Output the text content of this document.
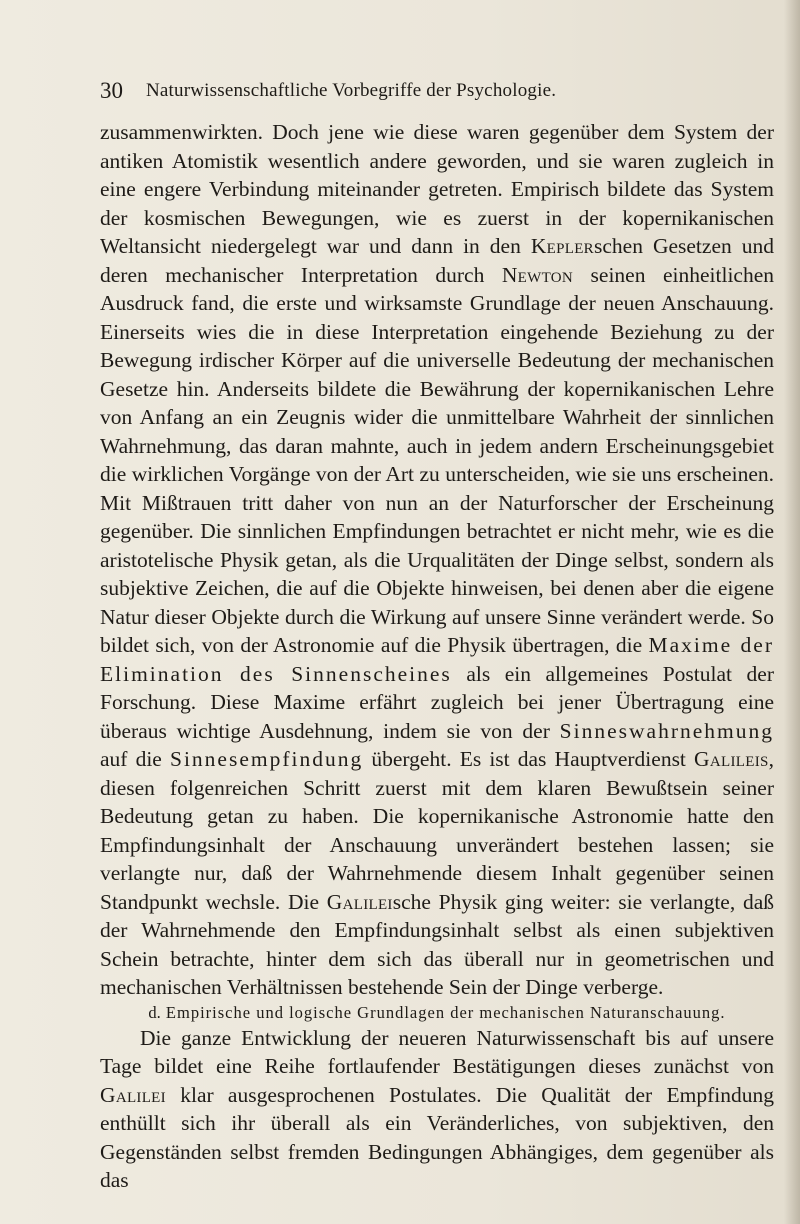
30 Naturwissenschaftliche Vorbegriffe der Psychologie.

zusammenwirkten. Doch jene wie diese waren gegenüber dem System der antiken Atomistik wesentlich andere geworden, und sie waren zugleich in eine engere Verbindung miteinander getreten. Empirisch bildete das System der kosmischen Bewegungen, wie es zuerst in der kopernikanischen Weltansicht niedergelegt war und dann in den Keplerschen Gesetzen und deren mechanischer Interpretation durch Newton seinen einheitlichen Ausdruck fand, die erste und wirksamste Grundlage der neuen Anschauung. Einerseits wies die in diese Interpretation eingehende Beziehung zu der Bewegung irdischer Körper auf die universelle Bedeutung der mechanischen Gesetze hin. Anderseits bildete die Bewährung der kopernikanischen Lehre von Anfang an ein Zeugnis wider die unmittelbare Wahrheit der sinnlichen Wahrnehmung, das daran mahnte, auch in jedem andern Erscheinungsgebiet die wirklichen Vorgänge von der Art zu unterscheiden, wie sie uns erscheinen. Mit Mißtrauen tritt daher von nun an der Naturforscher der Erscheinung gegenüber. Die sinnlichen Empfindungen betrachtet er nicht mehr, wie es die aristotelische Physik getan, als die Urqualitäten der Dinge selbst, sondern als subjektive Zeichen, die auf die Objekte hinweisen, bei denen aber die eigene Natur dieser Objekte durch die Wirkung auf unsere Sinne verändert werde. So bildet sich, von der Astronomie auf die Physik übertragen, die Maxime der Elimination des Sinnenscheines als ein allgemeines Postulat der Forschung. Diese Maxime erfährt zugleich bei jener Übertragung eine überaus wichtige Ausdehnung, indem sie von der Sinneswahrnehmung auf die Sinnesempfindung übergeht. Es ist das Hauptverdienst Galileis, diesen folgenreichen Schritt zuerst mit dem klaren Bewußtsein seiner Bedeutung getan zu haben. Die kopernikanische Astronomie hatte den Empfindungsinhalt der Anschauung unverändert bestehen lassen; sie verlangte nur, daß der Wahrnehmende diesem Inhalt gegenüber seinen Standpunkt wechsle. Die Galileische Physik ging weiter: sie verlangte, daß der Wahrnehmende den Empfindungsinhalt selbst als einen subjektiven Schein betrachte, hinter dem sich das überall nur in geometrischen und mechanischen Verhältnissen bestehende Sein der Dinge verberge.

d. Empirische und logische Grundlagen der mechanischen Naturanschauung.

Die ganze Entwicklung der neueren Naturwissenschaft bis auf unsere Tage bildet eine Reihe fortlaufender Bestätigungen dieses zunächst von Galilei klar ausgesprochenen Postulates. Die Qualität der Empfindung enthüllt sich ihr überall als ein Veränderliches, von subjektiven, den Gegenständen selbst fremden Bedingungen Abhängiges, dem gegenüber als das
